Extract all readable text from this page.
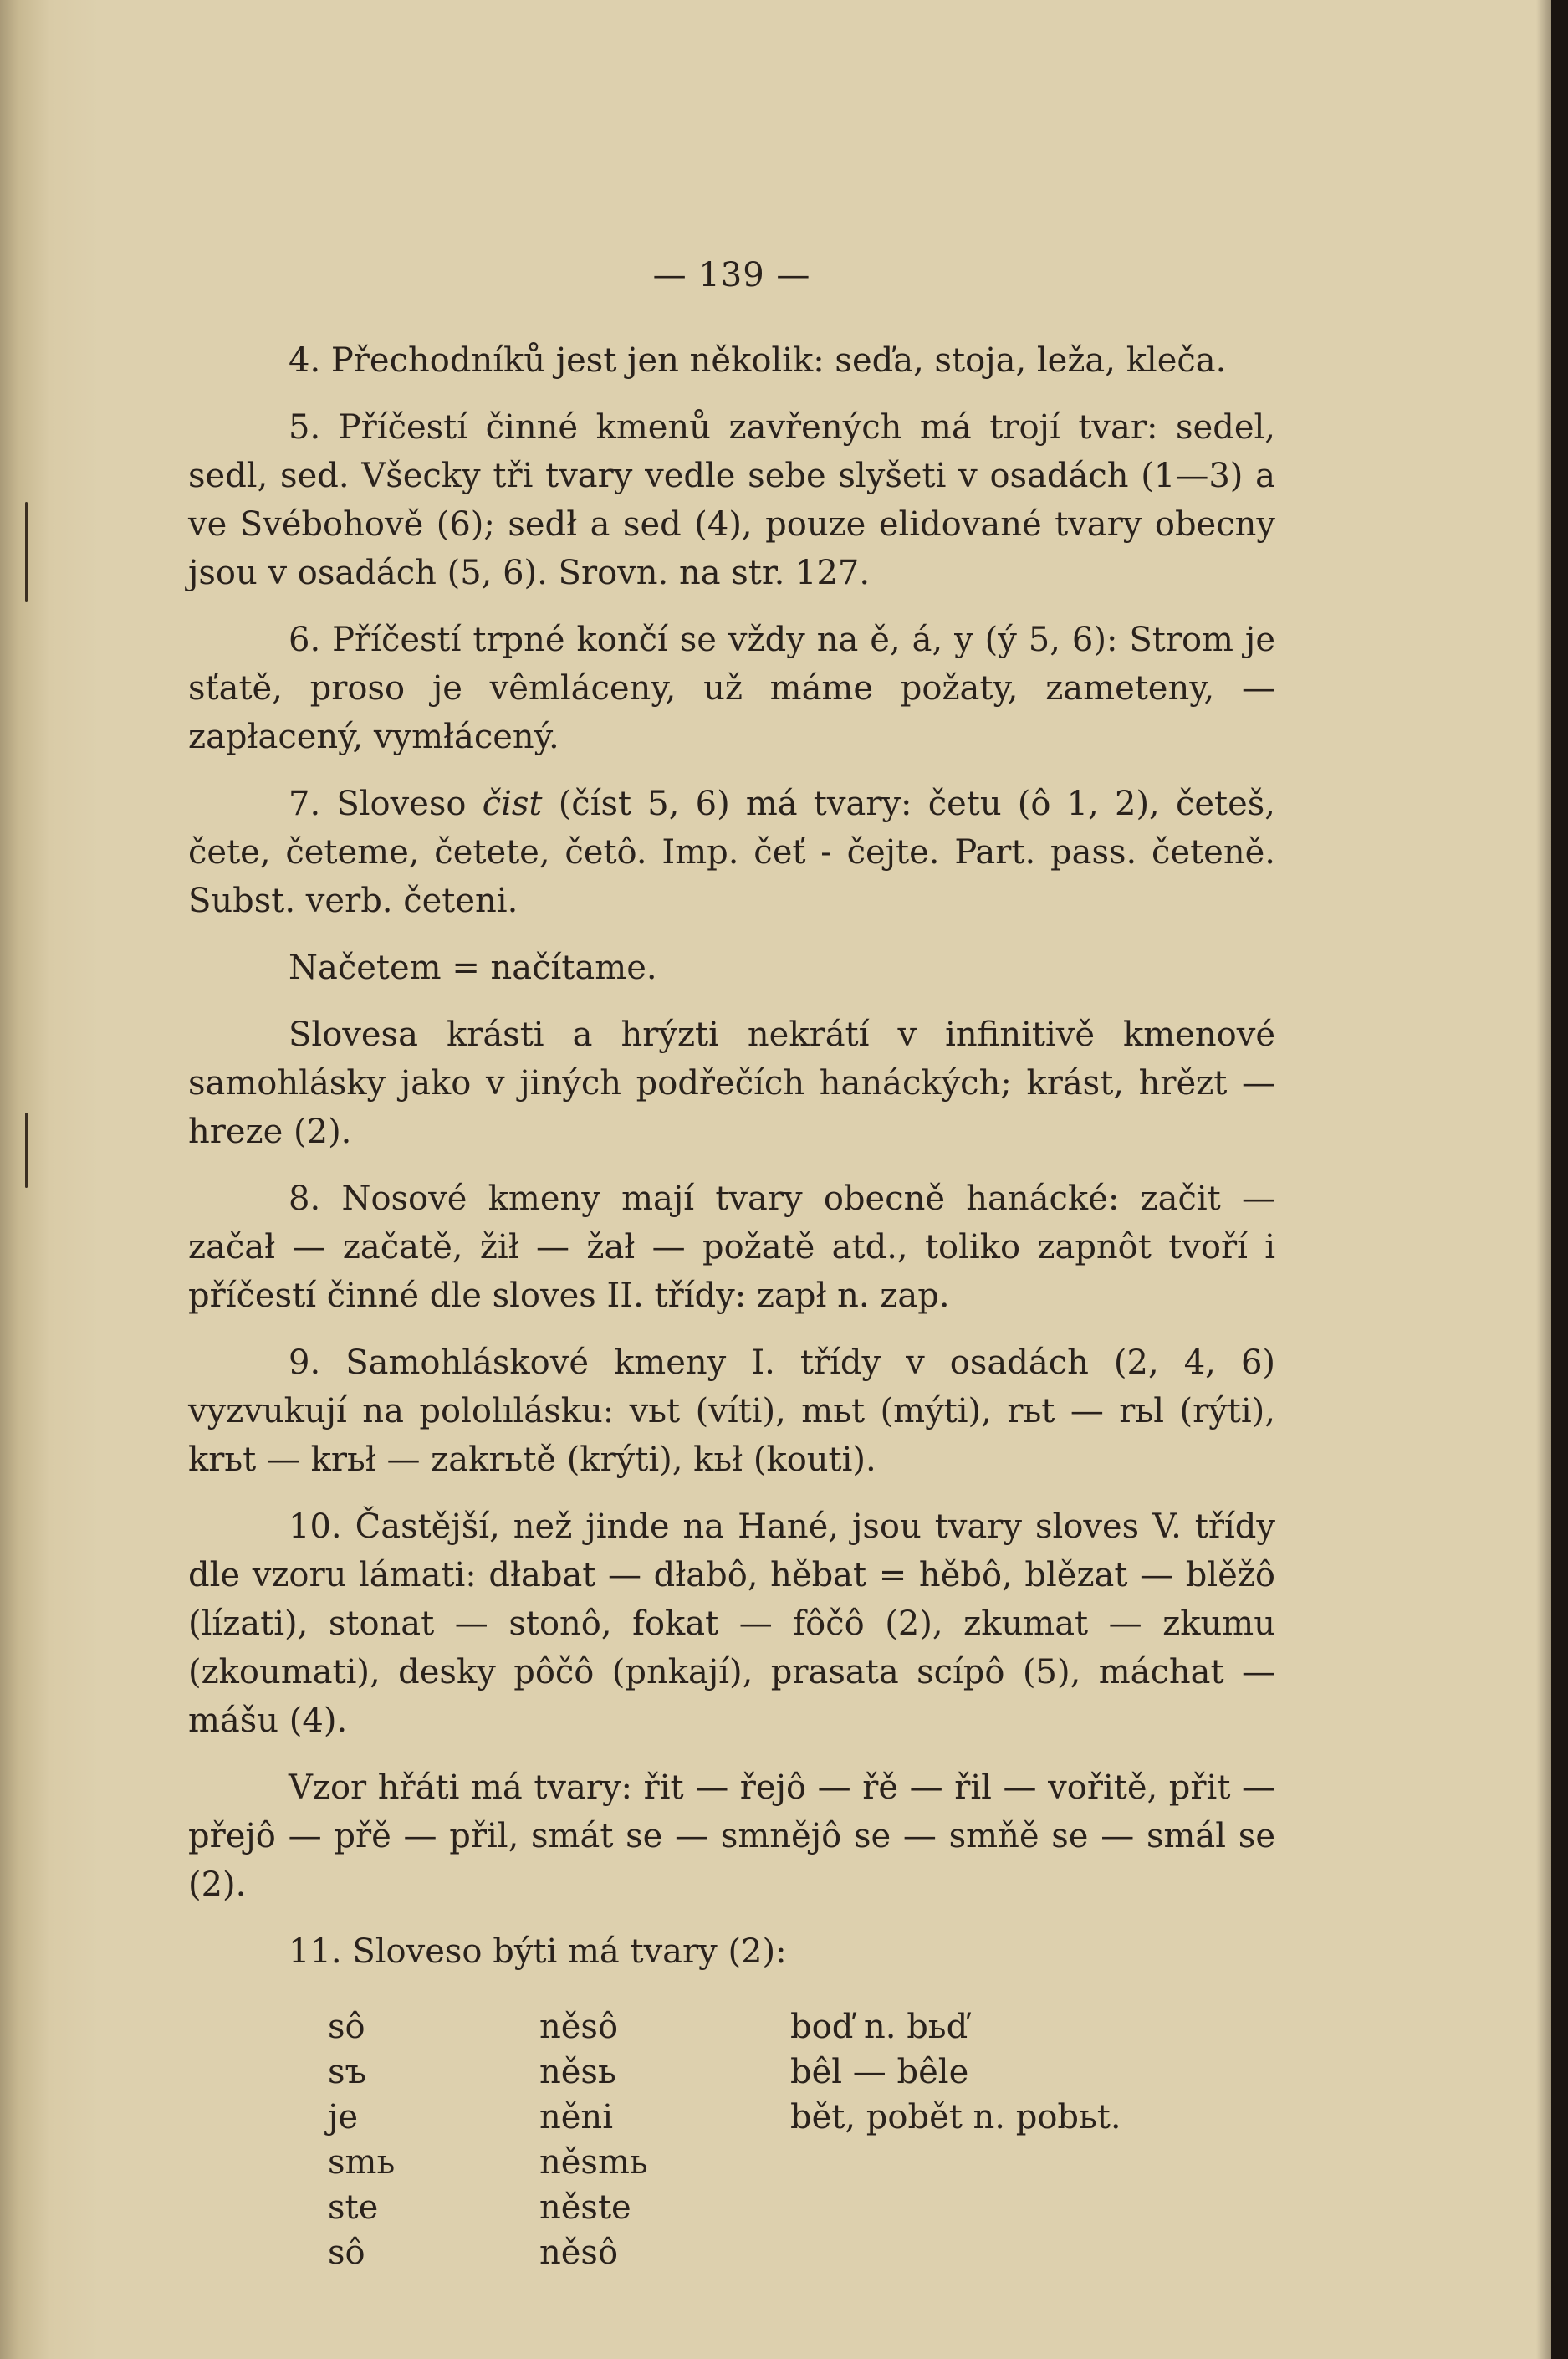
— 139 —

4. Přechodníků jest jen několik: seďa, stoja, leža, kleča.

5. Příčestí činné kmenů zavřených má trojí tvar: sedel, sedl, sed. Všecky tři tvary vedle sebe slyšeti v osadách (1—3) a ve Svébohově (6); sedł a sed (4), pouze elidované tvary obecny jsou v osadách (5, 6). Srovn. na str. 127.

6. Příčestí trpné končí se vždy na ě, á, y (ý 5, 6): Strom je sťatě, proso je vêmláceny, už máme požaty, zameteny, — zapłacený, vymłácený.

7. Sloveso čist (číst 5, 6) má tvary: četu (ô 1, 2), četeš, čete, četeme, četete, četô. Imp. čeť - čejte. Part. pass. četeně. Subst. verb. četeni.

Načetem = načítame.

Slovesa krásti a hrýzti nekrátí v infinitivě kmenové samohlásky jako v jiných podřečích hanáckých; krást, hrězt — hreze (2).

8. Nosové kmeny mají tvary obecně hanácké: začit — začał — začatě, žił — žał — požatě atd., toliko zapnôt tvoří i příčestí činné dle sloves II. třídy: zapł n. zap.

9. Samohláskové kmeny I. třídy v osadách (2, 4, 6) vyzvukují na pololılásku: vьt (víti), mьt (mýti), rьt — rьl (rýti), krьt — krьł — zakrьtě (krýti), kьł (kouti).

10. Častější, než jinde na Hané, jsou tvary sloves V. třídy dle vzoru lámati: dłabat — dłabô, hěbat = hěbô, blězat — blěžô (lízati), stonat — stonô, fokat — fôčô (2), zkumat — zkumu (zkoumati), desky pôčô (pnkají), prasata scípô (5), máchat — mášu (4).

Vzor hřáti má tvary: řit — řejô — řě — řil — vořitě, přit — přejô — přě — přil, smát se — smnějô se — smňě se — smál se (2).

11. Sloveso býti má tvary (2):

sô
sъ
je
smь
ste
sô
něsô
něsь
něni
něsmь
něste
něsô
boď n. bьď
bêl — bêle
bět, pobět n. pobьt.
